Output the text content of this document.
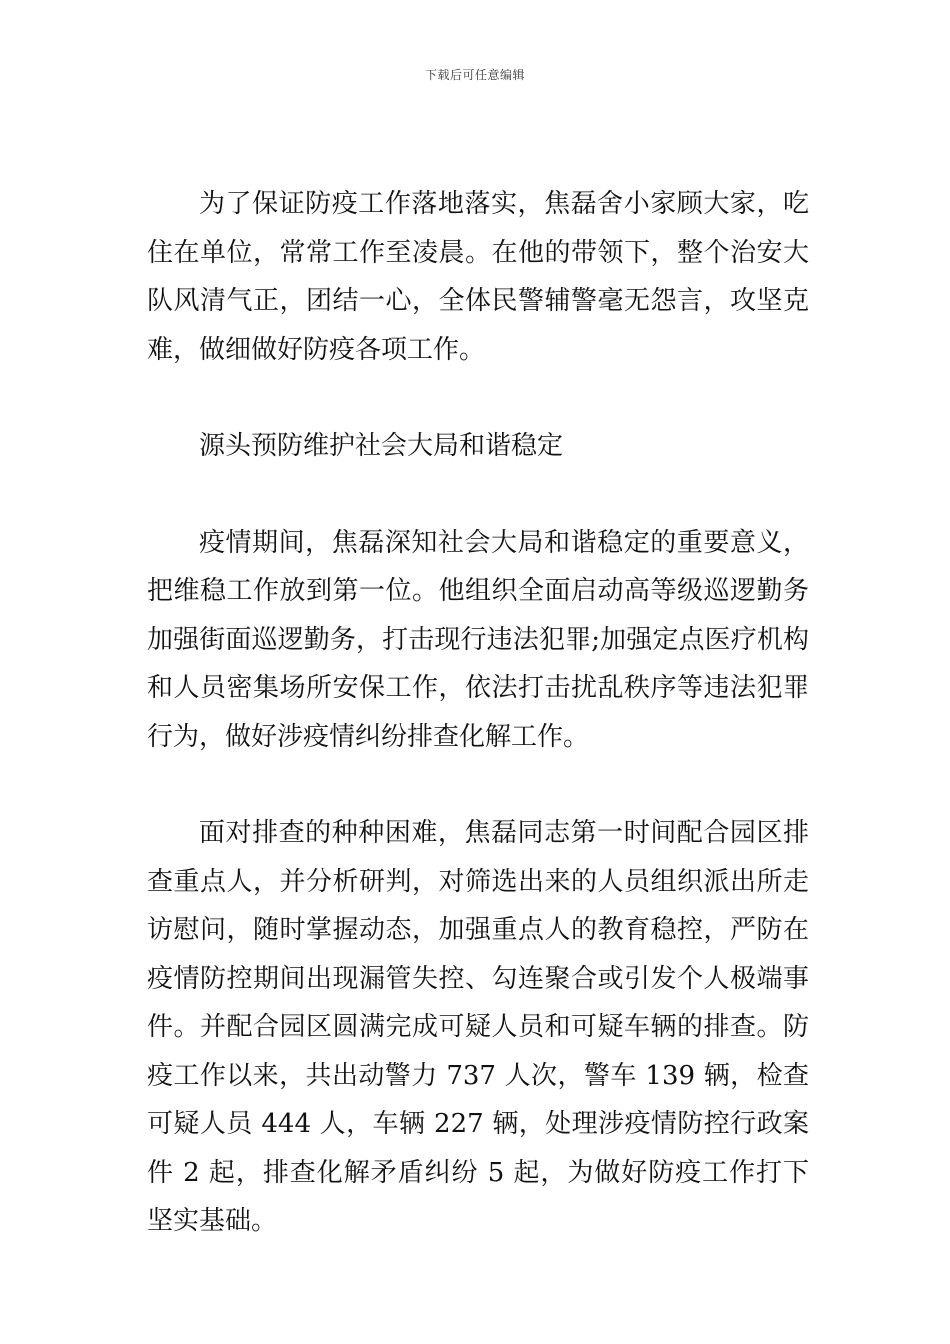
下载后可任意编辑

为了保证防疫工作落地落实，焦磊舍小家顾大家，吃住在单位，常常工作至凌晨。在他的带领下，整个治安大队风清气正，团结一心，全体民警辅警毫无怨言，攻坚克难，做细做好防疫各项工作。

源头预防维护社会大局和谐稳定

疫情期间，焦磊深知社会大局和谐稳定的重要意义，把维稳工作放到第一位。他组织全面启动高等级巡逻勤务加强街面巡逻勤务，打击现行违法犯罪;加强定点医疗机构和人员密集场所安保工作，依法打击扰乱秩序等违法犯罪行为，做好涉疫情纠纷排查化解工作。

面对排查的种种困难，焦磊同志第一时间配合园区排查重点人，并分析研判，对筛选出来的人员组织派出所走访慰问，随时掌握动态，加强重点人的教育稳控，严防在疫情防控期间出现漏管失控、勾连聚合或引发个人极端事件。并配合园区圆满完成可疑人员和可疑车辆的排查。防疫工作以来，共出动警力 737 人次，警车 139 辆，检查可疑人员 444 人，车辆 227 辆，处理涉疫情防控行政案件 2 起，排查化解矛盾纠纷 5 起，为做好防疫工作打下坚实基础。
